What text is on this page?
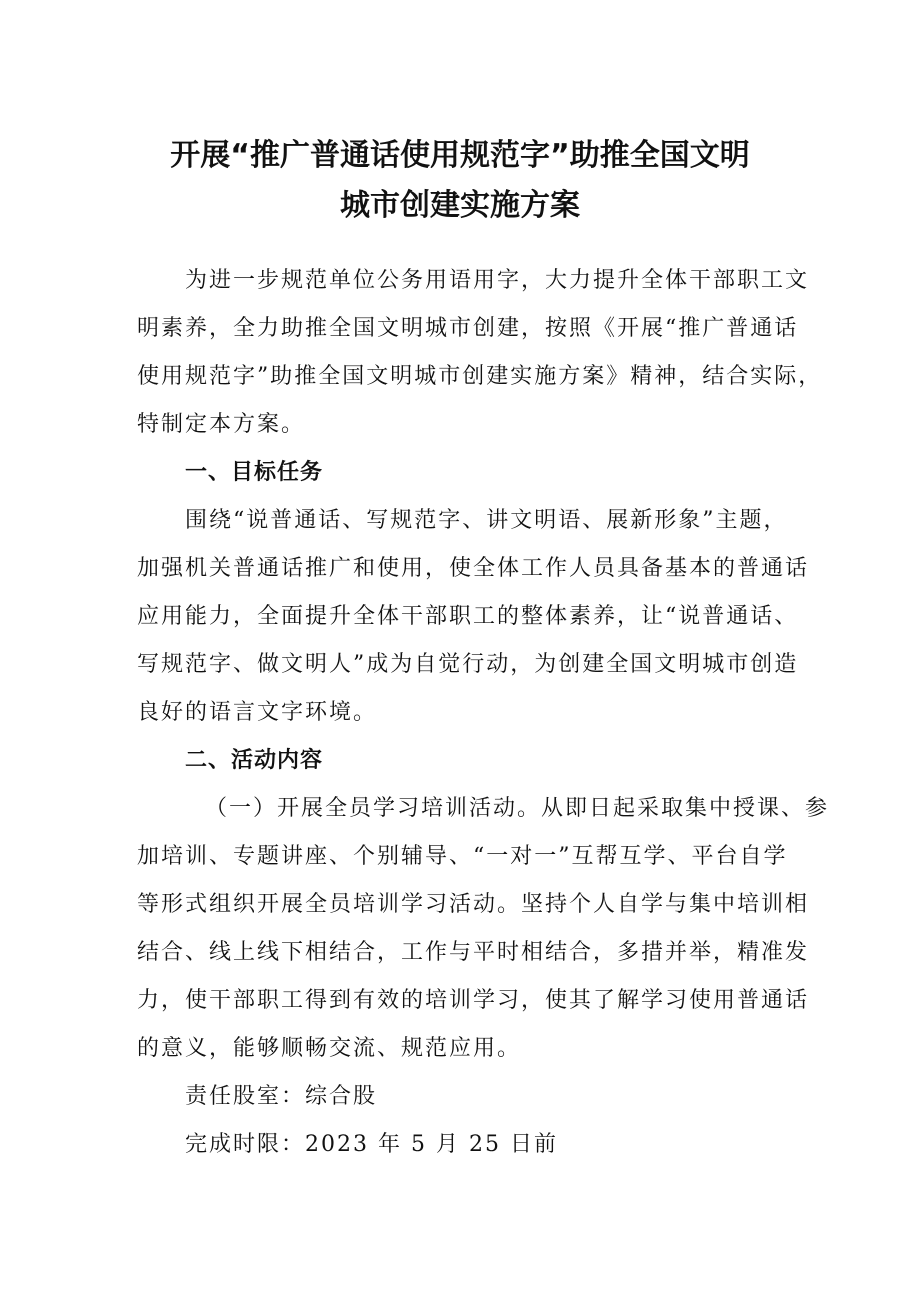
开展“推广普通话使用规范字”助推全国文明
城市创建实施方案
为进一步规范单位公务用语用字，大力提升全体干部职工文
明素养，全力助推全国文明城市创建，按照《开展“推广普通话
使用规范字”助推全国文明城市创建实施方案》精神，结合实际，
特制定本方案。
一、目标任务
围绕“说普通话、写规范字、讲文明语、展新形象”主题，
加强机关普通话推广和使用，使全体工作人员具备基本的普通话
应用能力，全面提升全体干部职工的整体素养，让“说普通话、
写规范字、做文明人”成为自觉行动，为创建全国文明城市创造
良好的语言文字环境。
二、活动内容
（一）开展全员学习培训活动。从即日起采取集中授课、参
加培训、专题讲座、个别辅导、“一对一”互帮互学、平台自学
等形式组织开展全员培训学习活动。坚持个人自学与集中培训相
结合、线上线下相结合，工作与平时相结合，多措并举，精准发
力，使干部职工得到有效的培训学习，使其了解学习使用普通话
的意义，能够顺畅交流、规范应用。
责任股室：综合股
完成时限：2023 年 5 月 25 日前
